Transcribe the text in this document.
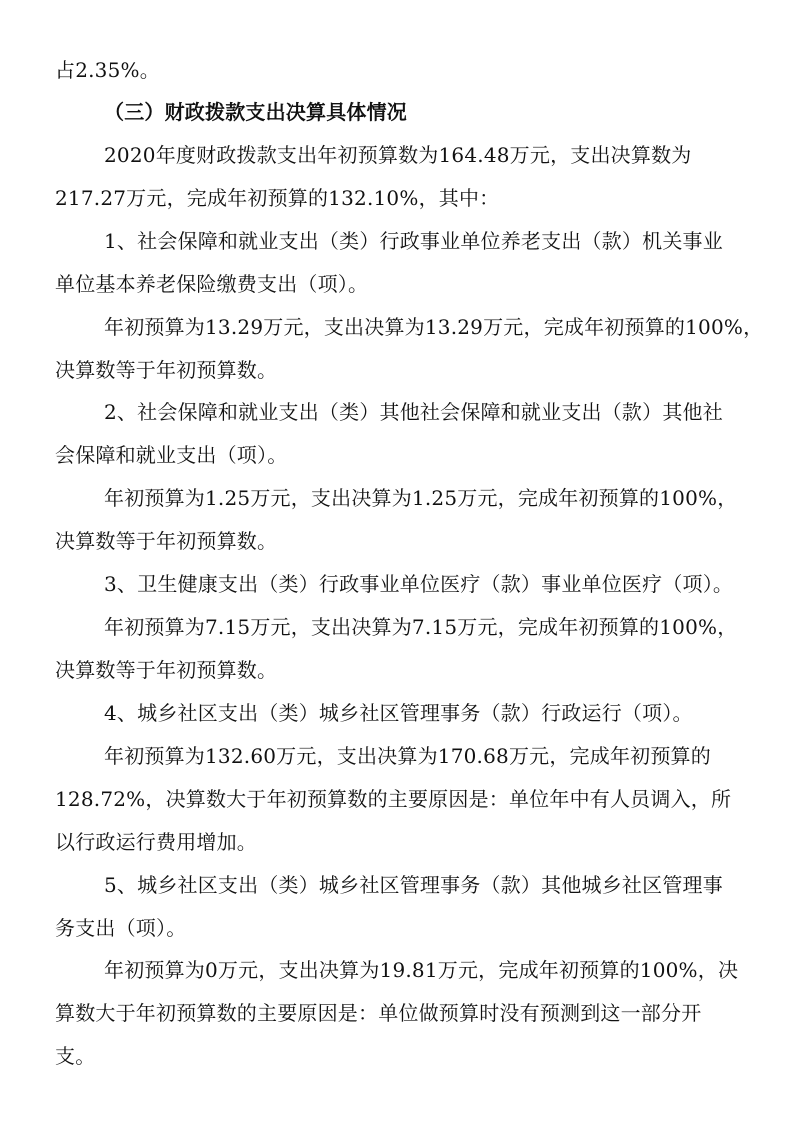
占2.35%。
（三）财政拨款支出决算具体情况
2020年度财政拨款支出年初预算数为164.48万元，支出决算数为
217.27万元，完成年初预算的132.10%，其中：
1、社会保障和就业支出（类）行政事业单位养老支出（款）机关事业
单位基本养老保险缴费支出（项）。
年初预算为13.29万元，支出决算为13.29万元，完成年初预算的100%，
决算数等于年初预算数。
2、社会保障和就业支出（类）其他社会保障和就业支出（款）其他社
会保障和就业支出（项）。
年初预算为1.25万元，支出决算为1.25万元，完成年初预算的100%，
决算数等于年初预算数。
3、卫生健康支出（类）行政事业单位医疗（款）事业单位医疗（项）。
年初预算为7.15万元，支出决算为7.15万元，完成年初预算的100%，
决算数等于年初预算数。
4、城乡社区支出（类）城乡社区管理事务（款）行政运行（项）。
年初预算为132.60万元，支出决算为170.68万元，完成年初预算的
128.72%，决算数大于年初预算数的主要原因是：单位年中有人员调入，所
以行政运行费用增加。
5、城乡社区支出（类）城乡社区管理事务（款）其他城乡社区管理事
务支出（项）。
年初预算为0万元，支出决算为19.81万元，完成年初预算的100%，决
算数大于年初预算数的主要原因是：单位做预算时没有预测到这一部分开
支。
